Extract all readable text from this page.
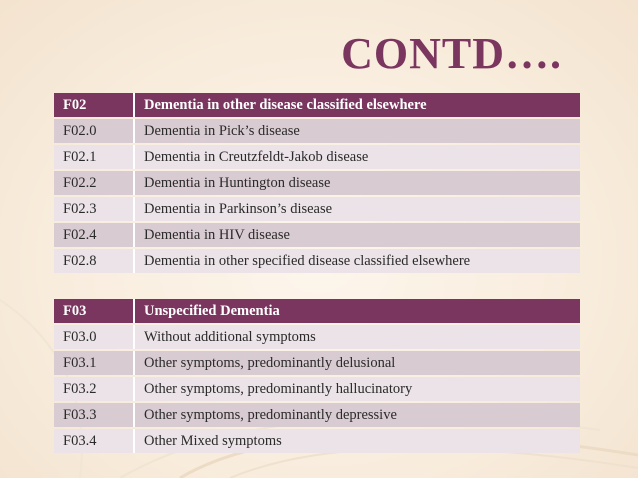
CONTD….
F02	Dementia in other disease classified elsewhere
F02.0	Dementia in Pick’s disease
F02.1	Dementia in Creutzfeldt-Jakob disease
F02.2	Dementia in Huntington disease
F02.3	Dementia in Parkinson’s disease
F02.4	Dementia in HIV disease
F02.8	Dementia in other specified disease classified elsewhere
F03	Unspecified Dementia
F03.0	Without additional symptoms
F03.1	Other symptoms, predominantly delusional
F03.2	Other symptoms, predominantly hallucinatory
F03.3	Other symptoms, predominantly depressive
F03.4	Other Mixed symptoms
